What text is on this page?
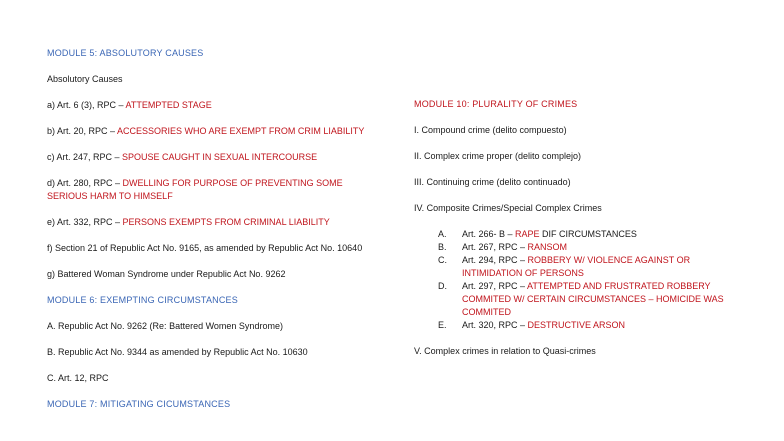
MODULE 5: ABSOLUTORY CAUSES

Absolutory Causes

a) Art. 6 (3), RPC – ATTEMPTED STAGE

b) Art. 20, RPC – ACCESSORIES WHO ARE EXEMPT FROM CRIM LIABILITY

c) Art. 247, RPC – SPOUSE CAUGHT IN SEXUAL INTERCOURSE

d) Art. 280, RPC – DWELLING FOR PURPOSE OF PREVENTING SOME SERIOUS HARM TO HIMSELF

e) Art. 332, RPC – PERSONS EXEMPTS FROM CRIMINAL LIABILITY

f) Section 21 of Republic Act No. 9165, as amended by Republic Act No. 10640

g) Battered Woman Syndrome under Republic Act No. 9262

MODULE 6: EXEMPTING CIRCUMSTANCES

A. Republic Act No. 9262 (Re: Battered Women Syndrome)

B. Republic Act No. 9344 as amended by Republic Act No. 10630

C. Art. 12, RPC

MODULE 7: MITIGATING CICUMSTANCES

MODULE 10: PLURALITY OF CRIMES

I. Compound crime (delito compuesto)

II. Complex crime proper (delito complejo)

III. Continuing crime (delito continuado)

IV. Composite Crimes/Special Complex Crimes

A. Art. 266- B – RAPE DIF CIRCUMSTANCES
B. Art. 267, RPC – RANSOM
C. Art. 294, RPC – ROBBERY W/ VIOLENCE AGAINST OR INTIMIDATION OF PERSONS
D. Art. 297, RPC – ATTEMPTED AND FRUSTRATED ROBBERY COMMITED W/ CERTAIN CIRCUMSTANCES – HOMICIDE WAS COMMITED
E. Art. 320, RPC – DESTRUCTIVE ARSON

V. Complex crimes in relation to Quasi-crimes
